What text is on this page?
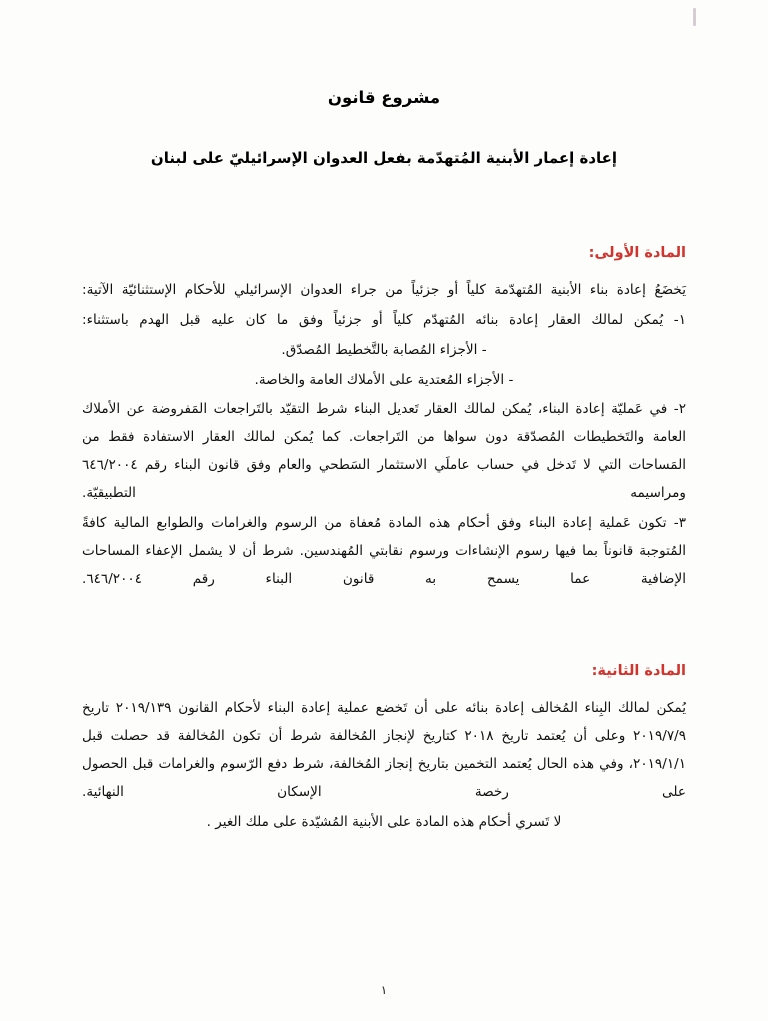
مشروع قانون
إعادة إعمار الأبنية المُتهدّمة بفعل العدوان الإسرائيليّ على لبنان
المادة الأولى:

يَخضَعُ إعادة بناء الأبنية المُتهدّمة كلياً أو جزئياً من جراء العدوان الإسرائيلي للأحكام الإستثنائيّة الآتية:

١- يُمكن لمالك العقار إعادة بنائه المُتهدّم كلياً أو جزئياً وفق ما كان عليه قبل الهدم باستثناء:

- الأجزاء المُصابة بالتَّخطيط المُصدّق.

- الأجزاء المُعتدية على الأملاك العامة والخاصة.

٢- في عَمليّة إعادة البناء، يُمكن لمالك العقار تَعديل البناء شرط التقيّد بالتَراجعات المَفروضة عن الأملاك العامة والتَخطيطات المُصدّقة دون سواها من التَراجعات. كما يُمكن لمالك العقار الاستفادة فقط من المَساحات التي لا تَدخل في حساب عاملَي الاستثمار السَطحي والعام وفق قانون البناء رقم ٦٤٦/٢٠٠٤ ومراسيمه التطبيقيّة.

٣- تكون عَملية إعادة البناء وفق أحكام هذه المادة مُعفاة من الرسوم والغرامات والطوابع المالية كافةً المُتوجبة قانوناً بما فيها رسوم الإنشاءات ورسوم نقابتي المُهندسين. شرط أن لا يشمل الإعفاء المساحات الإضافية عما يسمح به قانون البناء رقم ٦٤٦/٢٠٠٤.

المادة الثانية:

يُمكن لمالك البِناء المُخالف إعادة بنائه على أن تَخضع عملية إعادة البناء لأحكام القانون ٢٠١٩/١٣٩ تاريخ ٢٠١٩/٧/٩ وعلى أن يُعتمد تاريخ ٢٠١٨ كتاريخ لإنجاز المُخالفة شرط أن تكون المُخالفة قد حصلت قبل ٢٠١٩/١/١، وفي هذه الحال يُعتمد التخمين بتاريخ إنجاز المُخالفة، شرط دفع الرّسوم والغرامات قبل الحصول على رخصة الإسكان النهائية.

لا تَسري أحكام هذه المادة على الأبنية المُشيّدة على ملك الغير .

١
